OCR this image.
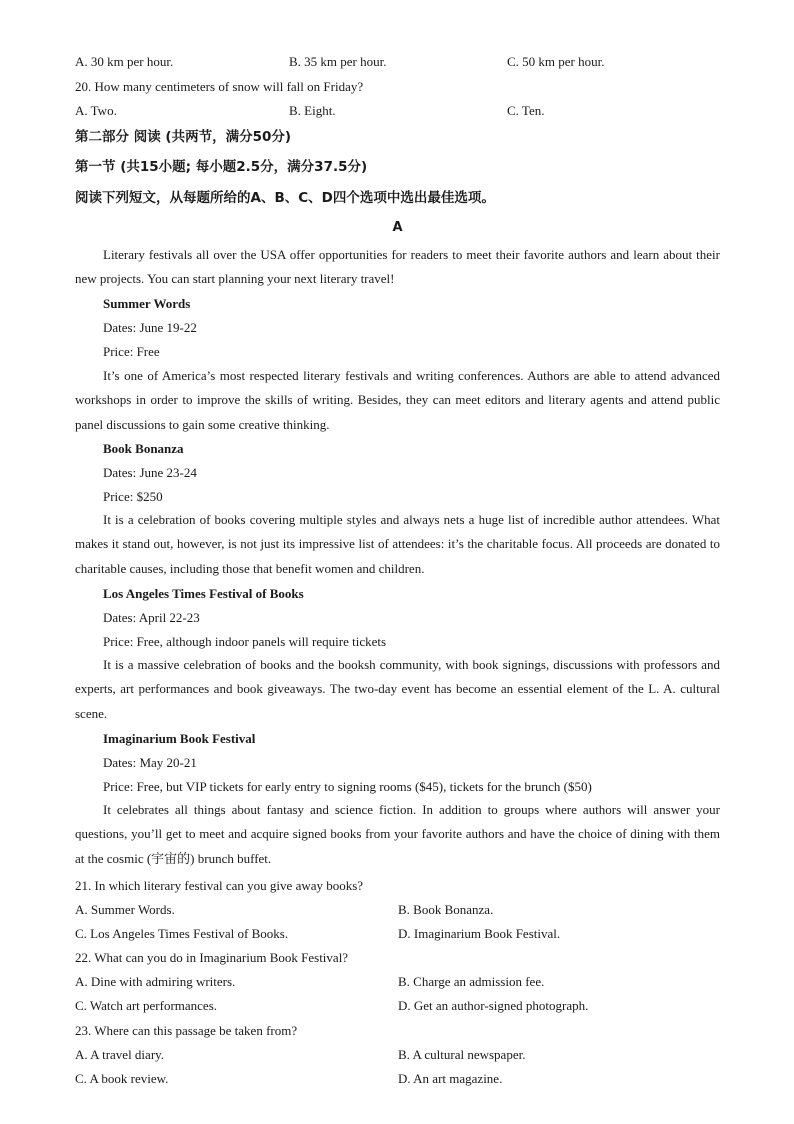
A. 30 km per hour.	B. 35 km per hour.	C. 50 km per hour.
20. How many centimeters of snow will fall on Friday?
A. Two.	B. Eight.	C. Ten.
第二部分 阅读 (共两节，满分50分)
第一节 (共15小题; 每小题2.5分，满分37.5分)
阅读下列短文，从每题所给的A、B、C、D四个选项中选出最佳选项。
A
Literary festivals all over the USA offer opportunities for readers to meet their favorite authors and learn about their new projects. You can start planning your next literary travel!
Summer Words
Dates: June 19-22
Price: Free
It’s one of America’s most respected literary festivals and writing conferences. Authors are able to attend advanced workshops in order to improve the skills of writing. Besides, they can meet editors and literary agents and attend public panel discussions to gain some creative thinking.
Book Bonanza
Dates: June 23-24
Price: $250
It is a celebration of books covering multiple styles and always nets a huge list of incredible author attendees. What makes it stand out, however, is not just its impressive list of attendees: it’s the charitable focus. All proceeds are donated to charitable causes, including those that benefit women and children.
Los Angeles Times Festival of Books
Dates: April 22-23
Price: Free, although indoor panels will require tickets
It is a massive celebration of books and the booksh community, with book signings, discussions with professors and experts, art performances and book giveaways. The two-day event has become an essential element of the L. A. cultural scene.
Imaginarium Book Festival
Dates: May 20-21
Price: Free, but VIP tickets for early entry to signing rooms ($45), tickets for the brunch ($50)
It celebrates all things about fantasy and science fiction. In addition to groups where authors will answer your questions, you’ll get to meet and acquire signed books from your favorite authors and have the choice of dining with them at the cosmic (宇宙的) brunch buffet.
21. In which literary festival can you give away books?
A. Summer Words.	B. Book Bonanza.
C. Los Angeles Times Festival of Books.	D. Imaginarium Book Festival.
22. What can you do in Imaginarium Book Festival?
A. Dine with admiring writers.	B. Charge an admission fee.
C. Watch art performances.	D. Get an author-signed photograph.
23. Where can this passage be taken from?
A. A travel diary.	B. A cultural newspaper.
C. A book review.	D. An art magazine.
